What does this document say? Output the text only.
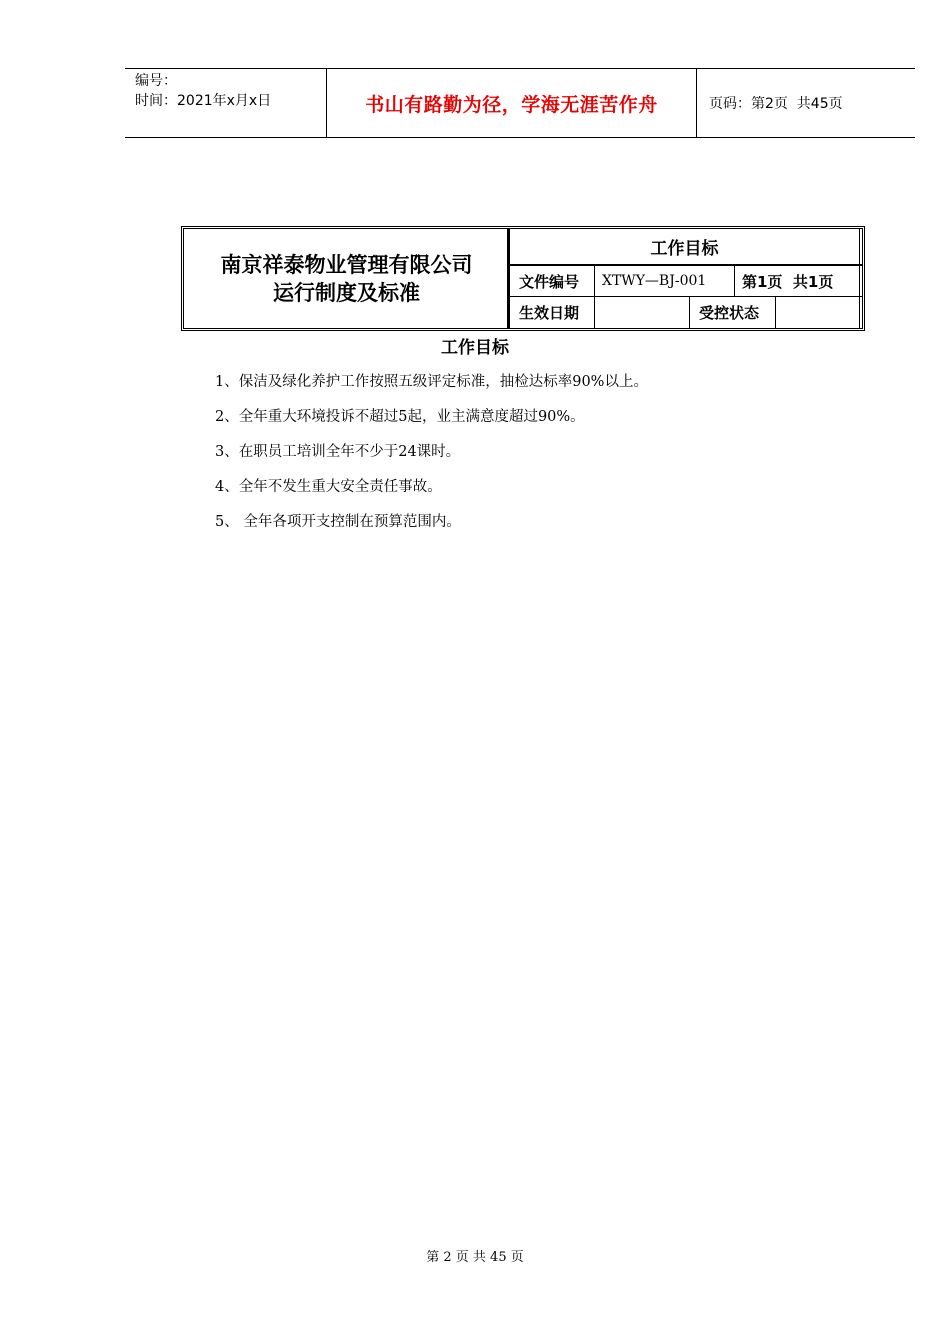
编号：
时间：2021年x月x日	书山有路勤为径，学海无涯苦作舟	页码：第2页  共45页
南京祥泰物业管理有限公司
运行制度及标准
工作目标
文件编号 XTWY—BJ-001 第1页  共1页
生效日期	受控状态
工作目标
1、保洁及绿化养护工作按照五级评定标准，抽检达标率90%以上。
2、全年重大环境投诉不超过5起，业主满意度超过90%。
3、在职员工培训全年不少于24课时。
4、全年不发生重大安全责任事故。
5、 全年各项开支控制在预算范围内。
第 2 页 共 45 页
